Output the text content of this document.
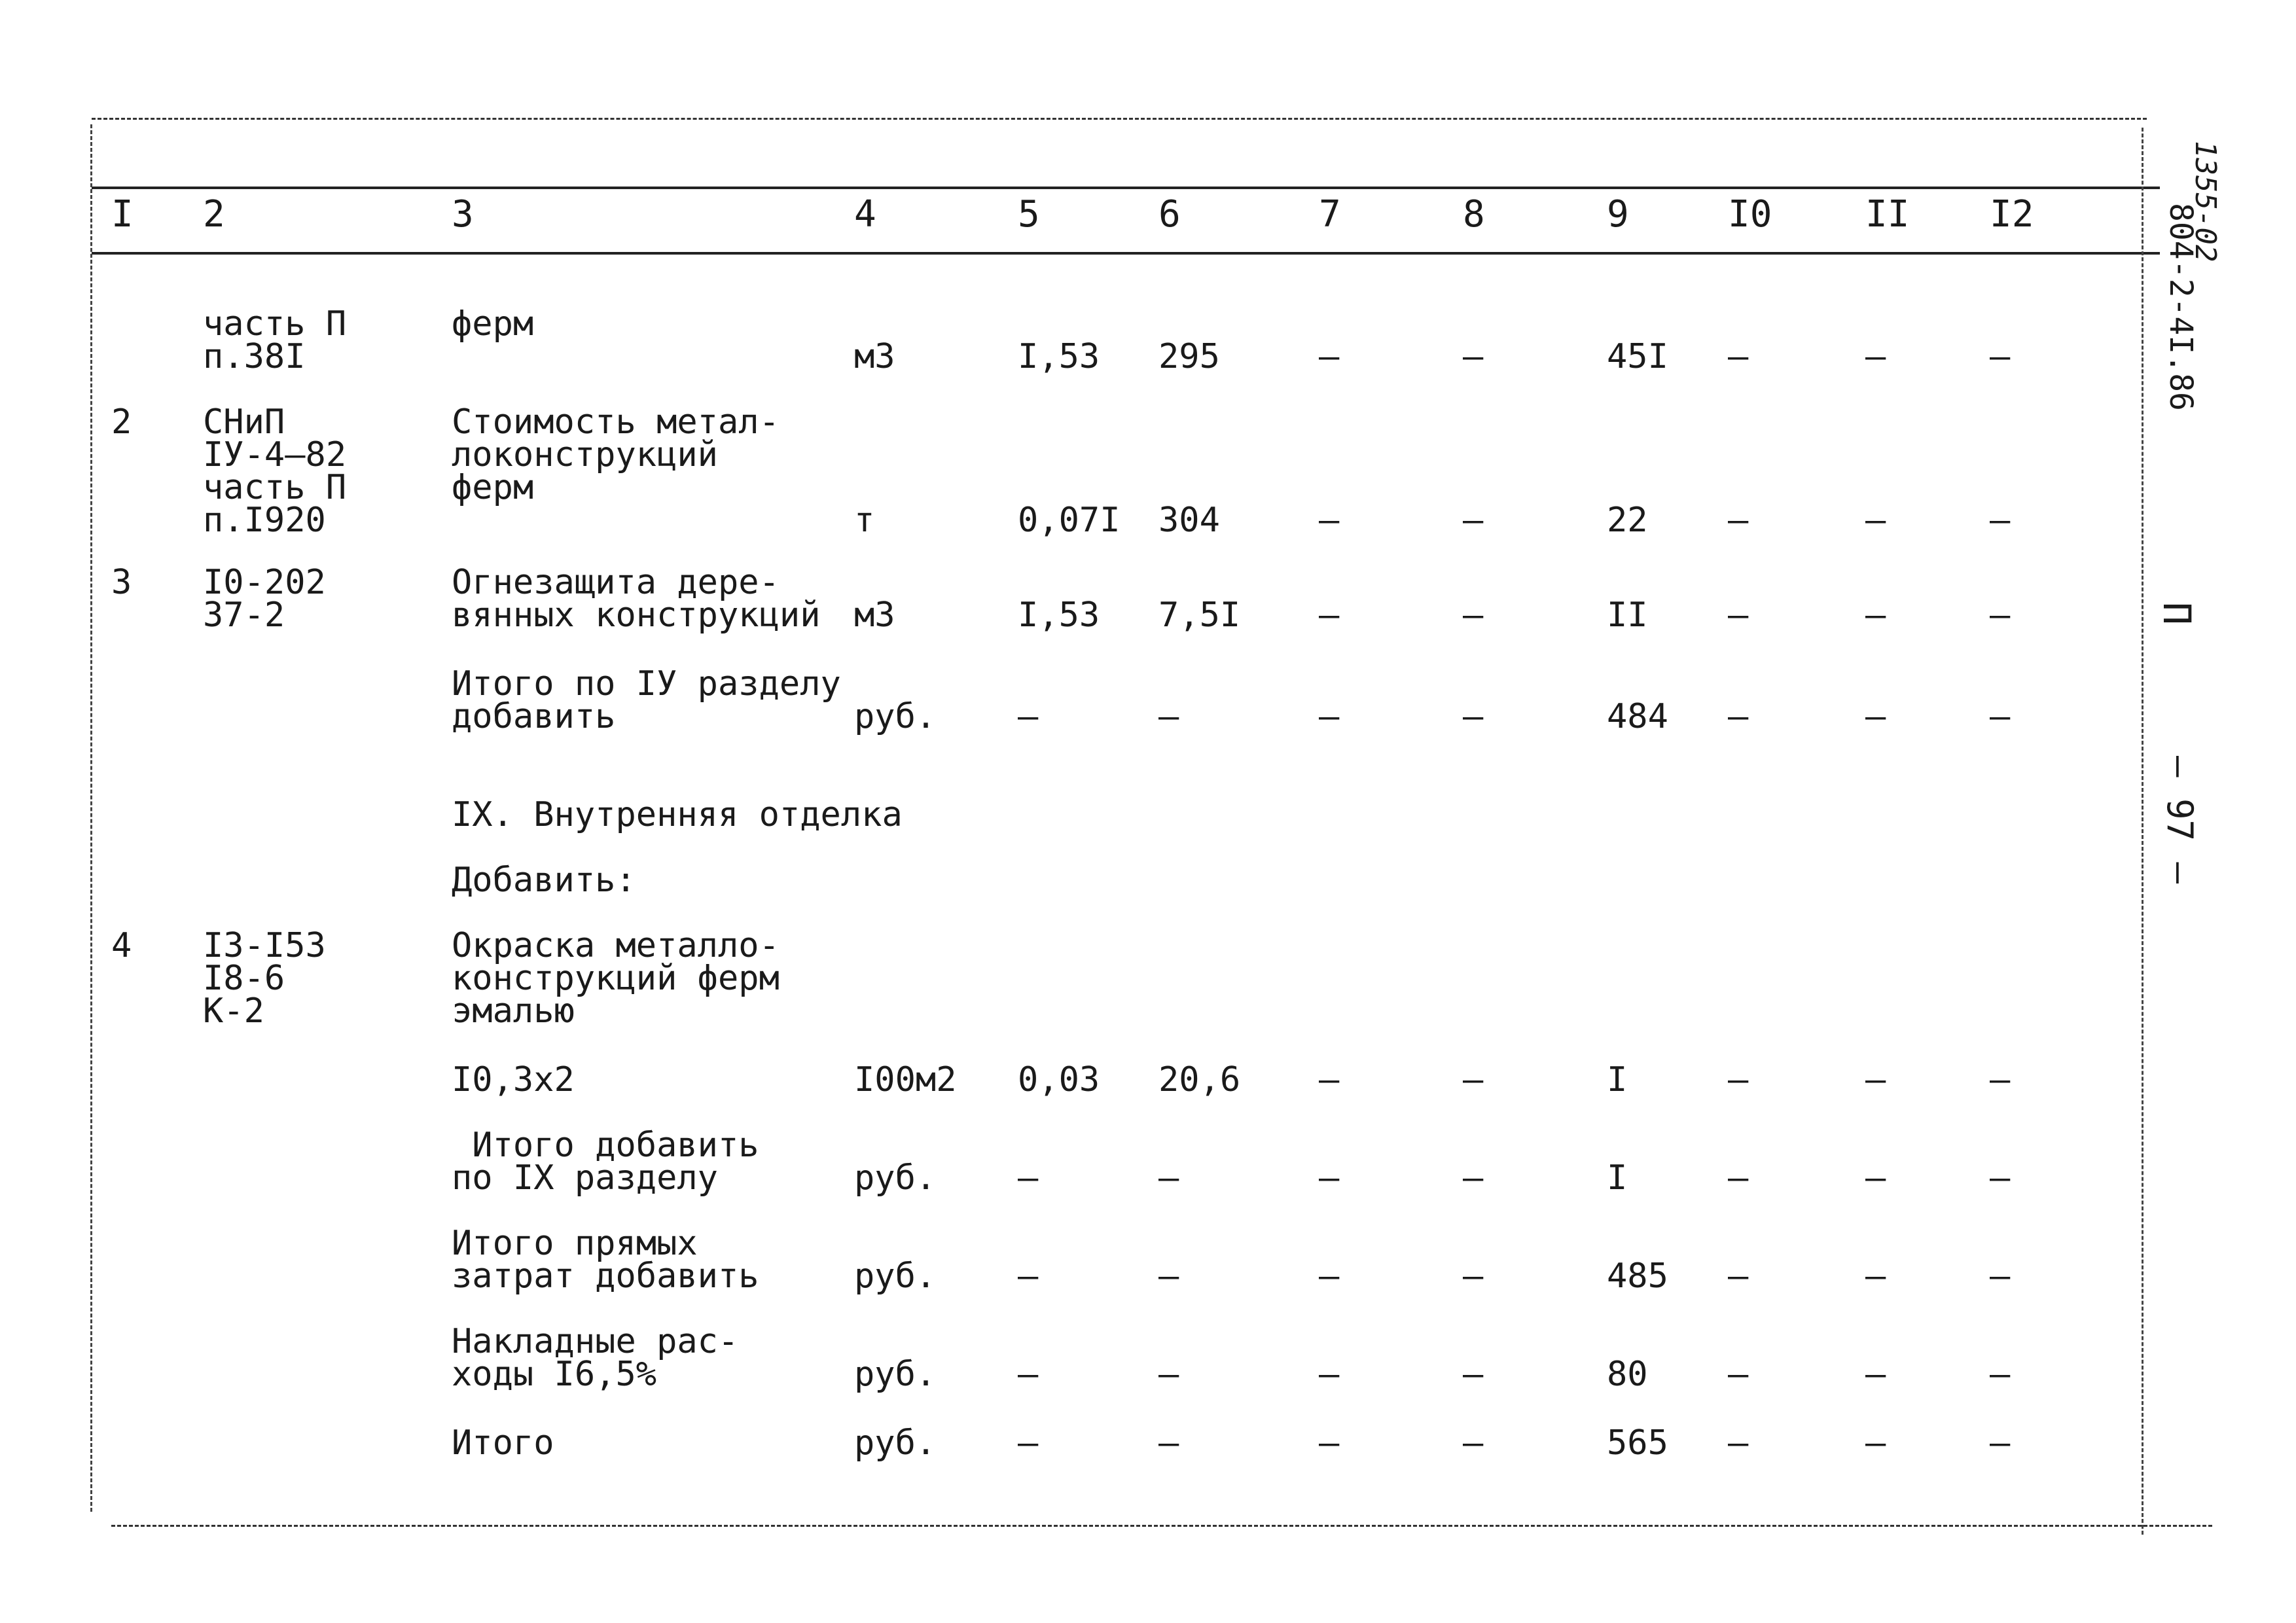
I 2	3	4	5	6	7	8	9	I0	II I2
часть П
п.38I
ферм
м3	I,53 295	–	–	45I –	–	–
2 СНиП
IУ-4–82
часть П
п.I920
Стоимость метал-
локонструкций
ферм
т	0,07I 304	–	–	22 –	–	–
3 I0-202
37-2
Огнезащита дере-
вянных конструкций м3	I,53 7,5I –	–	II –	–	–
Итого по IУ разделу
добавить	руб. –	–	–	–	484 –	–	–
IX. Внутренняя отделка
Добавить:
4 I3-I53
I8-6
К-2
Окраска металло-
конструкций ферм
эмалью
I0,3х2	I00м2 0,03 20,6 –	–	I	–	–	–
Итого добавить
по IX разделу	руб. –	–	–	–	I	–	–	–
Итого прямых
затрат добавить	руб. –	–	–	–	485 –	–	–
Накладные рас-
ходы I6,5%	руб. –	–	–	–	80 –	–	–
Итого	руб. –	–	–	–	565 –	–	–
1355-02
804-2-4I.86
П
— 97 —
